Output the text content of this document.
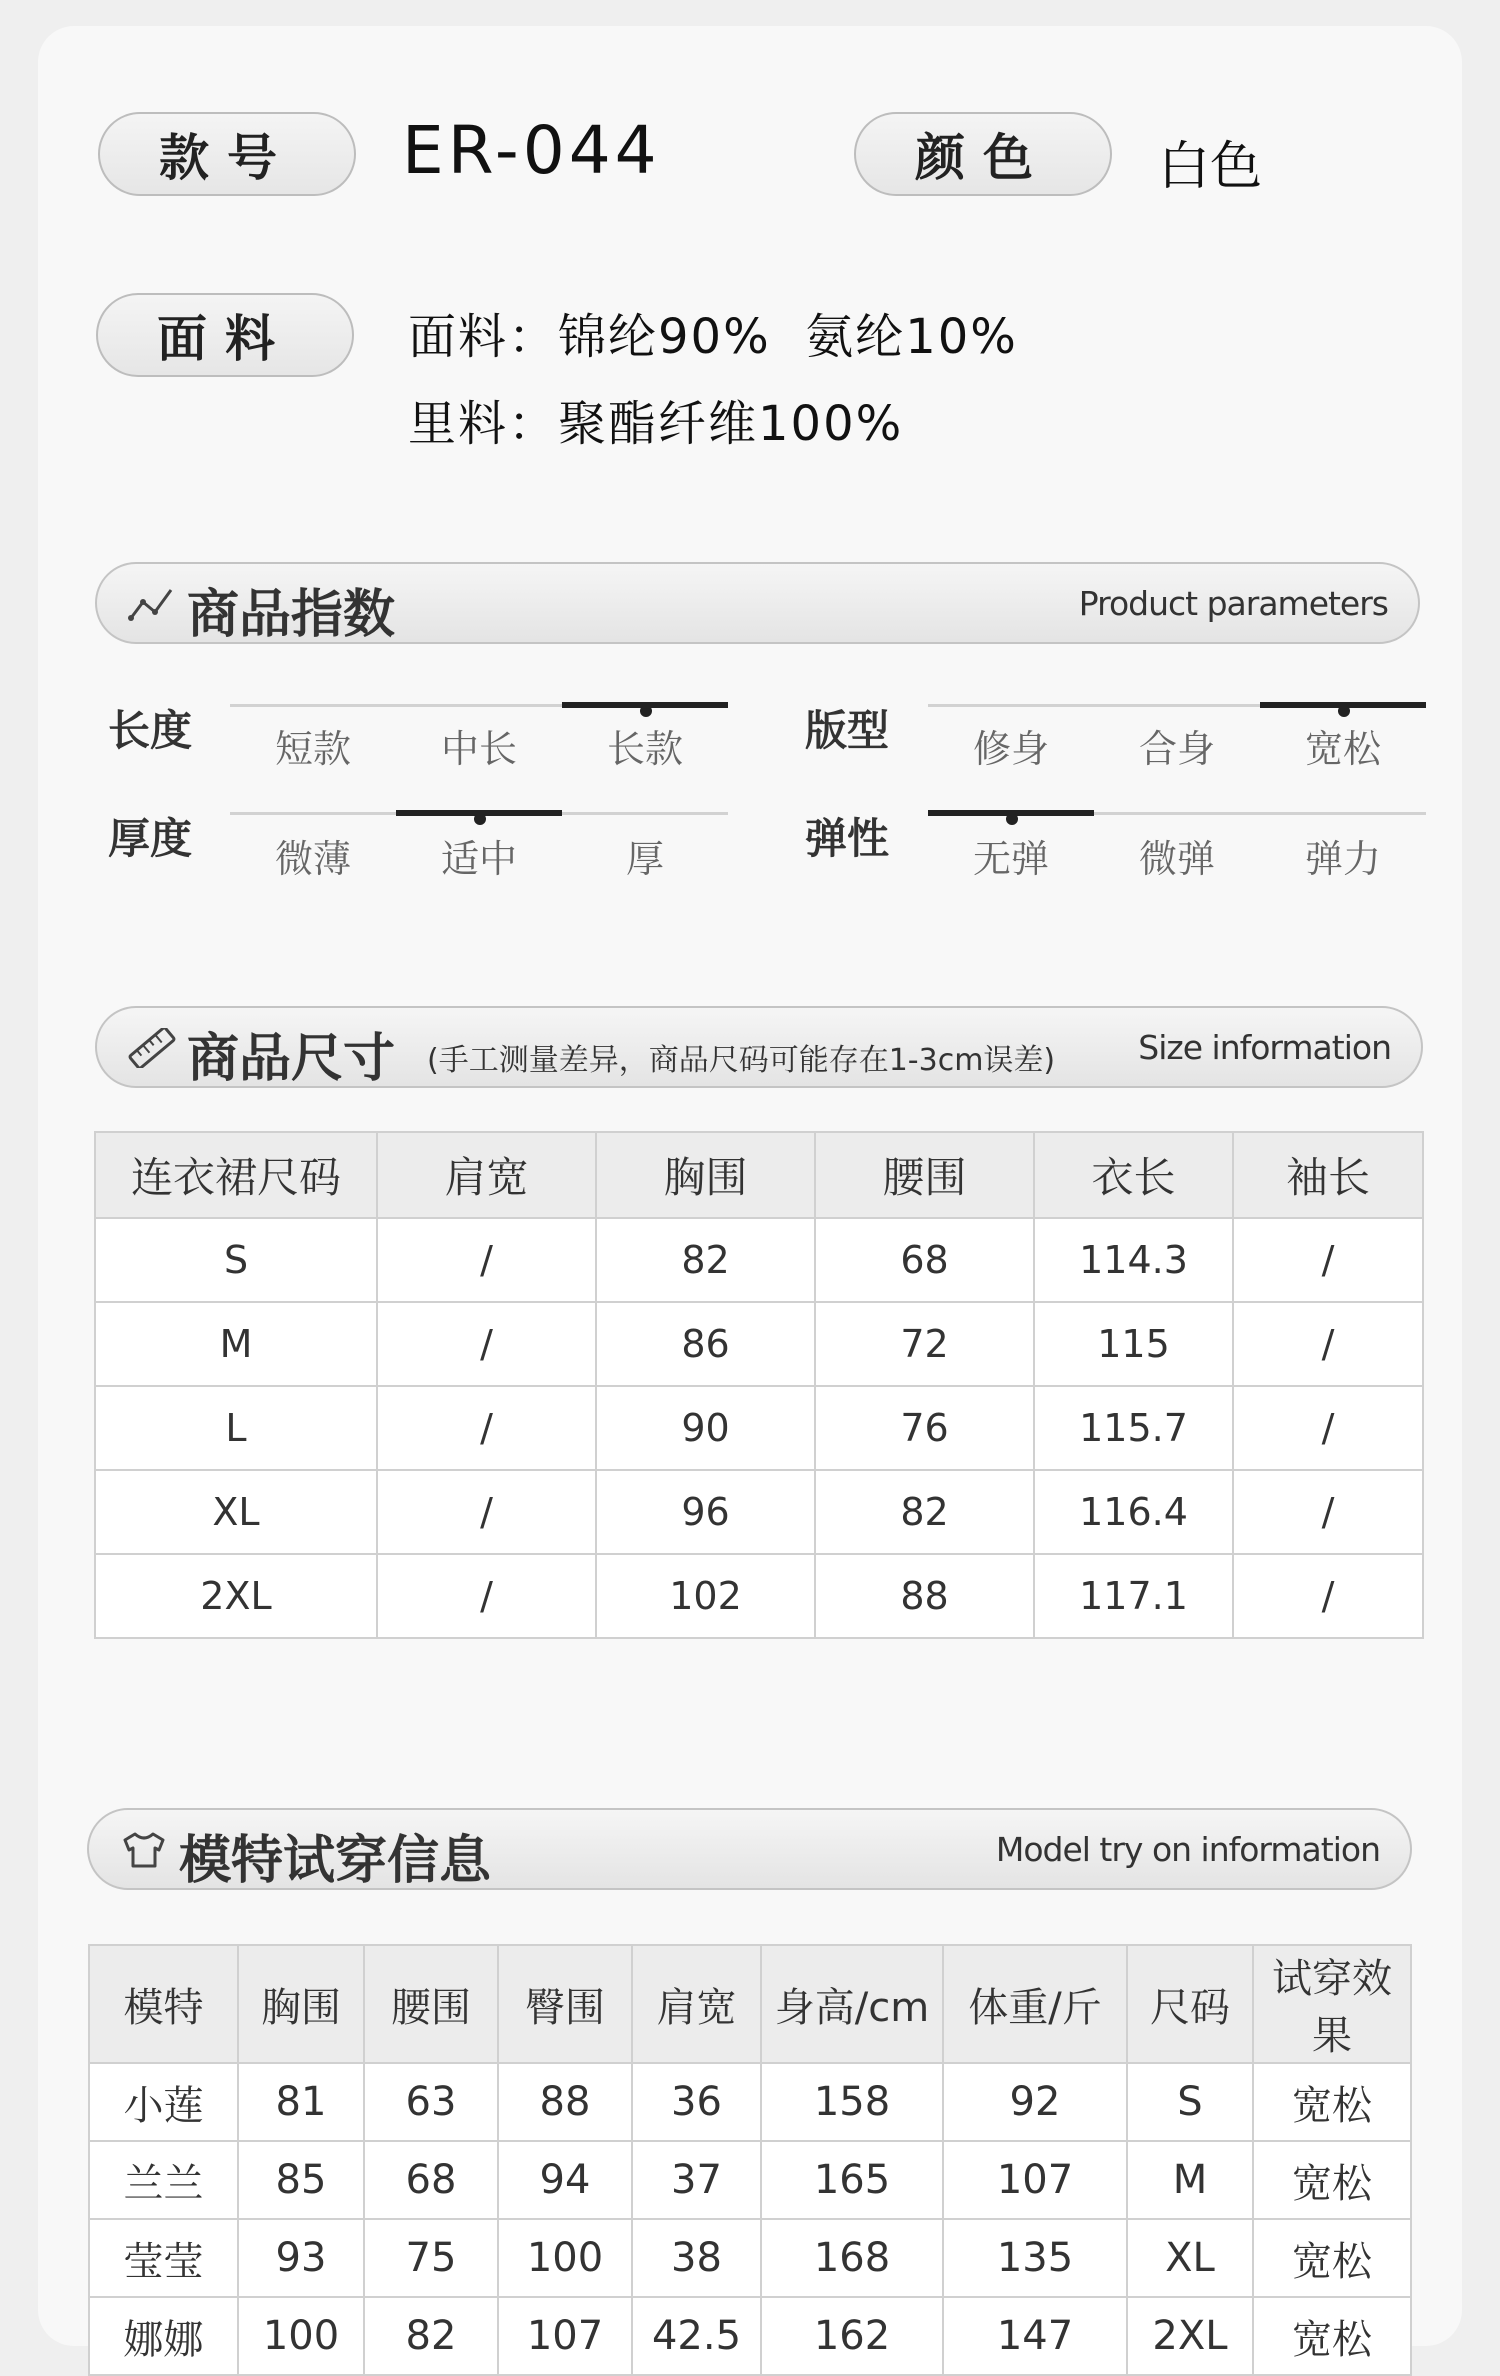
款号	ER-044	颜色	白色
面料	面料：锦纶90%  氨纶10%
里料：聚酯纤维100%
商品指数	Product parameters
长度	短款	中长	长款	版型	修身	合身	宽松
厚度	微薄	适中	厚	弹性	无弹	微弹	弹力
商品尺寸 (手工测量差异，商品尺码可能存在1-3cm误差)	Size information
连衣裙尺码	肩宽	胸围	腰围	衣长	袖长
S	/	82	68	114.3	/
M	/	86	72	115	/
L	/	90	76	115.7	/
XL	/	96	82	116.4	/
2XL	/	102	88	117.1	/
模特试穿信息	Model try on information
模特	胸围	腰围	臀围	肩宽	身高/cm	体重/斤	尺码	试穿效果
小莲	81	63	88	36	158	92	S	宽松
兰兰	85	68	94	37	165	107	M	宽松
莹莹	93	75	100	38	168	135	XL	宽松
娜娜	100	82	107	42.5	162	147	2XL	宽松
